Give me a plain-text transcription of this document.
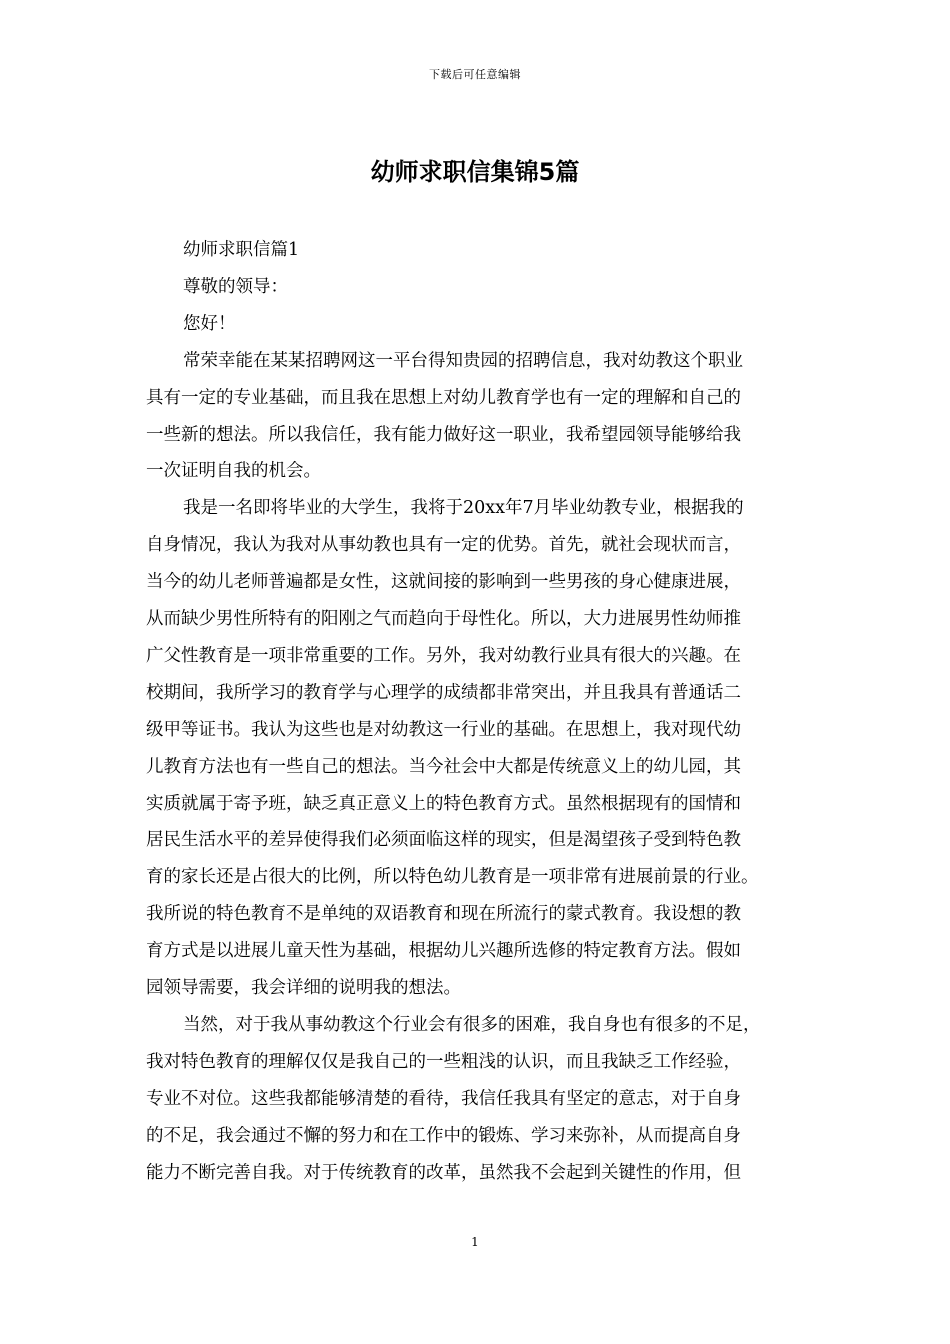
下载后可任意编辑
幼师求职信集锦5篇
幼师求职信篇1
尊敬的领导：
您好！
常荣幸能在某某招聘网这一平台得知贵园的招聘信息，我对幼教这个职业
具有一定的专业基础，而且我在思想上对幼儿教育学也有一定的理解和自己的
一些新的想法。所以我信任，我有能力做好这一职业，我希望园领导能够给我
一次证明自我的机会。
我是一名即将毕业的大学生，我将于20xx年7月毕业幼教专业，根据我的
自身情况，我认为我对从事幼教也具有一定的优势。首先，就社会现状而言，
当今的幼儿老师普遍都是女性，这就间接的影响到一些男孩的身心健康进展，
从而缺少男性所特有的阳刚之气而趋向于母性化。所以，大力进展男性幼师推
广父性教育是一项非常重要的工作。另外，我对幼教行业具有很大的兴趣。在
校期间，我所学习的教育学与心理学的成绩都非常突出，并且我具有普通话二
级甲等证书。我认为这些也是对幼教这一行业的基础。在思想上，我对现代幼
儿教育方法也有一些自己的想法。当今社会中大都是传统意义上的幼儿园，其
实质就属于寄予班，缺乏真正意义上的特色教育方式。虽然根据现有的国情和
居民生活水平的差异使得我们必须面临这样的现实，但是渴望孩子受到特色教
育的家长还是占很大的比例，所以特色幼儿教育是一项非常有进展前景的行业。
我所说的特色教育不是单纯的双语教育和现在所流行的蒙式教育。我设想的教
育方式是以进展儿童天性为基础，根据幼儿兴趣所选修的特定教育方法。假如
园领导需要，我会详细的说明我的想法。
当然，对于我从事幼教这个行业会有很多的困难，我自身也有很多的不足，
我对特色教育的理解仅仅是我自己的一些粗浅的认识，而且我缺乏工作经验，
专业不对位。这些我都能够清楚的看待，我信任我具有坚定的意志，对于自身
的不足，我会通过不懈的努力和在工作中的锻炼、学习来弥补，从而提高自身
能力不断完善自我。对于传统教育的改革，虽然我不会起到关键性的作用，但
1
